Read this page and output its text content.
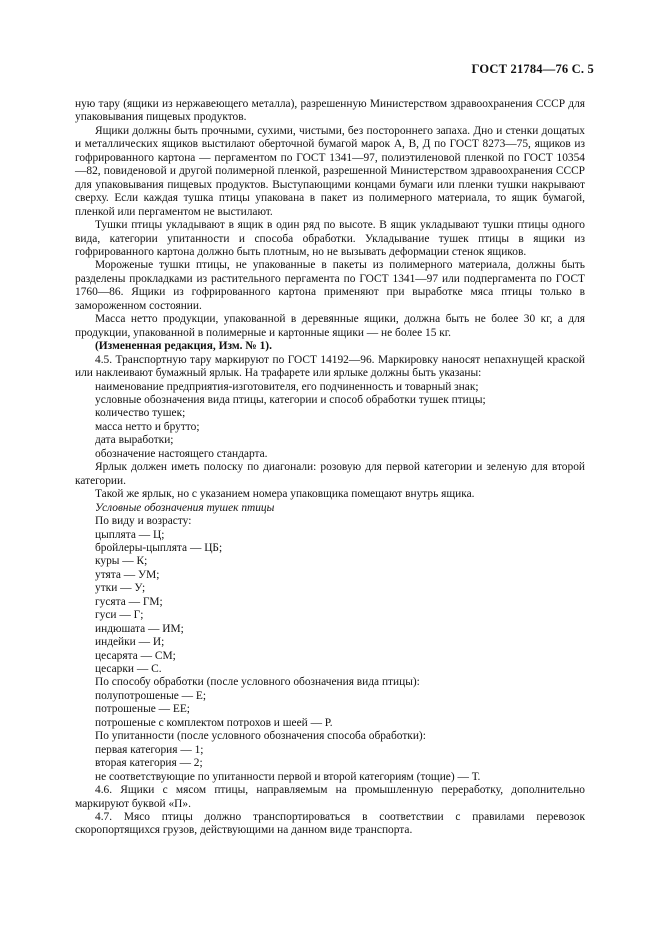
ГОСТ 21784—76 С. 5

ную тару (ящики из нержавеющего металла), разрешенную Министерством здравоохранения СССР для упаковывания пищевых продуктов.

Ящики должны быть прочными, сухими, чистыми, без постороннего запаха. Дно и стенки дощатых и металлических ящиков выстилают оберточной бумагой марок А, В, Д по ГОСТ 8273—75, ящиков из гофрированного картона — пергаментом по ГОСТ 1341—97, полиэтиленовой пленкой по ГОСТ 10354—82, повиденовой и другой полимерной пленкой, разрешенной Министерством здравоохранения СССР для упаковывания пищевых продуктов. Выступающими концами бумаги или пленки тушки накрывают сверху. Если каждая тушка птицы упакована в пакет из полимерного материала, то ящик бумагой, пленкой или пергаментом не выстилают.

Тушки птицы укладывают в ящик в один ряд по высоте. В ящик укладывают тушки птицы одного вида, категории упитанности и способа обработки. Укладывание тушек птицы в ящики из гофрированного картона должно быть плотным, но не вызывать деформации стенок ящиков.

Мороженые тушки птицы, не упакованные в пакеты из полимерного материала, должны быть разделены прокладками из растительного пергамента по ГОСТ 1341—97 или подпергамента по ГОСТ 1760—86. Ящики из гофрированного картона применяют при выработке мяса птицы только в замороженном состоянии.

Масса нетто продукции, упакованной в деревянные ящики, должна быть не более 30 кг, а для продукции, упакованной в полимерные и картонные ящики — не более 15 кг.

(Измененная редакция, Изм. № 1).

4.5. Транспортную тару маркируют по ГОСТ 14192—96. Маркировку наносят непахнущей краской или наклеивают бумажный ярлык. На трафарете или ярлыке должны быть указаны:

наименование предприятия-изготовителя, его подчиненность и товарный знак;

условные обозначения вида птицы, категории и способ обработки тушек птицы;

количество тушек;

масса нетто и брутто;

дата выработки;

обозначение настоящего стандарта.

Ярлык должен иметь полоску по диагонали: розовую для первой категории и зеленую для второй категории.

Такой же ярлык, но с указанием номера упаковщика помещают внутрь ящика.

Условные обозначения тушек птицы

По виду и возрасту:

цыплята — Ц;

бройлеры-цыплята — ЦБ;

куры — К;

утята — УМ;

утки — У;

гусята — ГМ;

гуси — Г;

индюшата — ИМ;

индейки — И;

цесарята — СМ;

цесарки — С.

По способу обработки (после условного обозначения вида птицы):

полупотрошеные — Е;

потрошеные — ЕЕ;

потрошеные с комплектом потрохов и шеей — Р.

По упитанности (после условного обозначения способа обработки):

первая категория — 1;

вторая категория — 2;

не соответствующие по упитанности первой и второй категориям (тощие) — Т.

4.6. Ящики с мясом птицы, направляемым на промышленную переработку, дополнительно маркируют буквой «П».

4.7. Мясо птицы должно транспортироваться в соответствии с правилами перевозок скоропортящихся грузов, действующими на данном виде транспорта.
